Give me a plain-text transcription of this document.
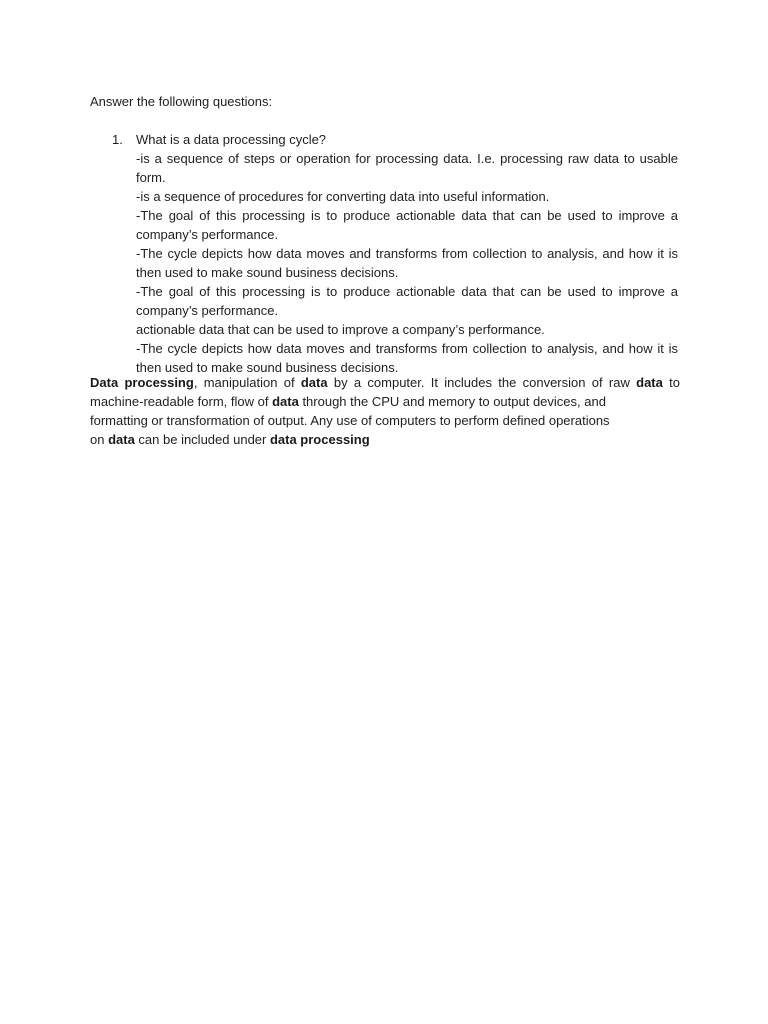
Answer the following questions:
1. What is a data processing cycle?
-is a sequence of steps or operation for processing data. I.e. processing raw data to usable form.
-is a sequence of procedures for converting data into useful information.
-The goal of this processing is to produce actionable data that can be used to improve a company’s performance.
-The cycle depicts how data moves and transforms from collection to analysis, and how it is then used to make sound business decisions.
-The goal of this processing is to produce actionable data that can be used to improve a company’s performance.
actionable data that can be used to improve a company’s performance.
-The cycle depicts how data moves and transforms from collection to analysis, and how it is then used to make sound business decisions.
Data processing, manipulation of data by a computer. It includes the conversion of raw data to
machine-readable form, flow of data through the CPU and memory to output devices, and
formatting or transformation of output. Any use of computers to perform defined operations
on data can be included under data processing
